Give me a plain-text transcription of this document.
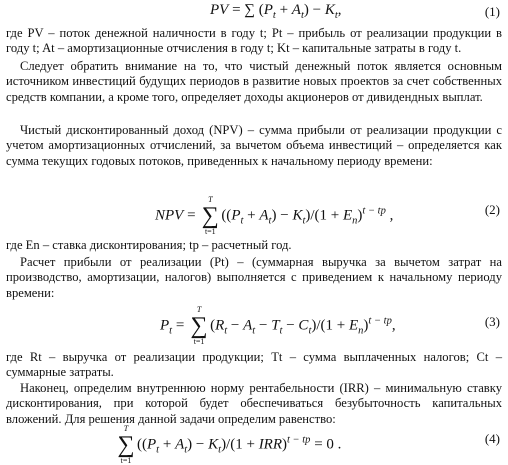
PV = ∑ $(P_t + A_t) - K_t$,	(1)
где PV – поток денежной наличности в году t; Pt – прибыль от реализации продукции в году t; At – амортизационные отчисления в году t; Kt – капитальные затраты в году t.
Следует обратить внимание на то, что чистый денежный поток является основным источником инвестиций будущих периодов в развитие новых проектов за счет собственных средств компании, а кроме того, определяет доходы акционеров от дивидендных выплат.
Чистый дисконтированный доход (NPV) – сумма прибыли от реализации продукции с учетом амортизационных отчислений, за вычетом объема инвестиций – определяется как сумма текущих годовых потоков, приведенных к начальному периоду времени:
NPV =
T
∑
t=1
$((P_t + A_t) - K_t)/(1 + E_n)^{t - tp}$ ,	(2)
где En – ставка дисконтирования; tp – расчетный год.
Расчет прибыли от реализации (Pt) – (суммарная выручка за вычетом затрат на производство, амортизации, налогов) выполняется с приведением к начальному периоду времени:
$P_t$ =
T
∑
t=1
$(R_t - A_t - T_t - C_t)/(1 + E_n)^{t - tp}$,	(3)
где Rt – выручка от реализации продукции; Tt – сумма выплаченных налогов; Ct – суммарные затраты.
Наконец, определим внутреннюю норму рентабельности (IRR) – минимальную ставку дисконтирования, при которой будет обеспечиваться безубыточность капитальных вложений. Для решения данной задачи определим равенство:
T
∑
t=1
$((P_t + A_t) - K_t)/(1 + IRR)^{t - tp} = 0$ .	(4)
